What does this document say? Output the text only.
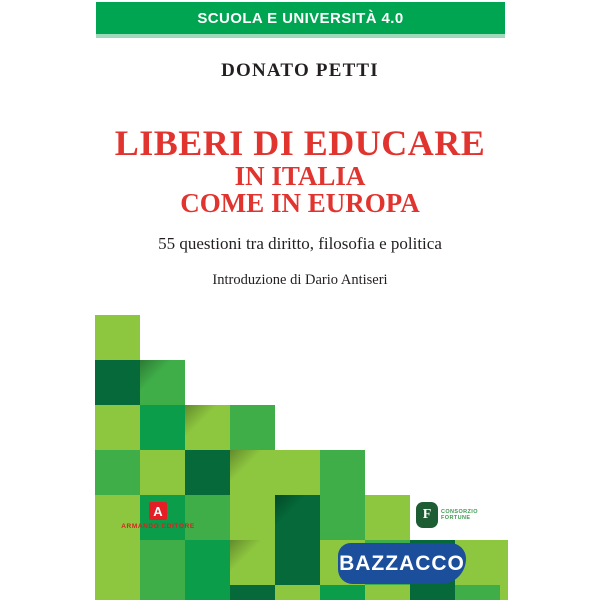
SCUOLA E UNIVERSITÀ 4.0
DONATO PETTI
LIBERI DI EDUCARE
IN ITALIA
COME IN EUROPA
55 questioni tra diritto, filosofia e politica
Introduzione di Dario Antiseri
A
ARMANDO EDITORE
F	CONSORZIO
FORTUNE
BAZZACCO
